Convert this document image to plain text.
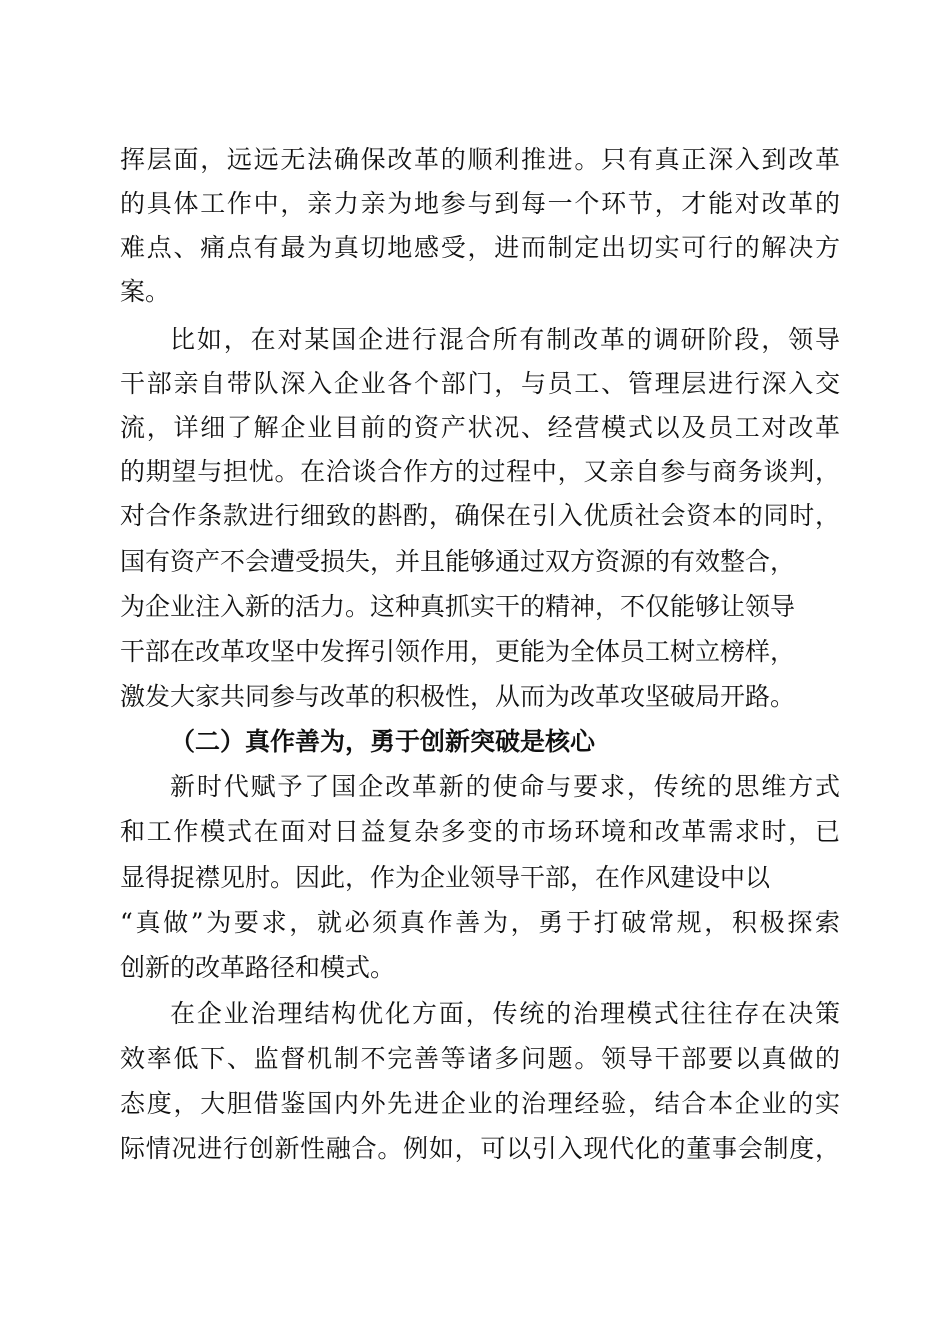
挥层面，远远无法确保改革的顺利推进。只有真正深入到改革
的具体工作中，亲力亲为地参与到每一个环节，才能对改革的
难点、痛点有最为真切地感受，进而制定出切实可行的解决方
案。
比如，在对某国企进行混合所有制改革的调研阶段，领导
干部亲自带队深入企业各个部门，与员工、管理层进行深入交
流，详细了解企业目前的资产状况、经营模式以及员工对改革
的期望与担忧。在洽谈合作方的过程中，又亲自参与商务谈判，
对合作条款进行细致的斟酌，确保在引入优质社会资本的同时，
国有资产不会遭受损失，并且能够通过双方资源的有效整合，
为企业注入新的活力。这种真抓实干的精神，不仅能够让领导
干部在改革攻坚中发挥引领作用，更能为全体员工树立榜样，
激发大家共同参与改革的积极性，从而为改革攻坚破局开路。
（二）真作善为，勇于创新突破是核心
新时代赋予了国企改革新的使命与要求，传统的思维方式
和工作模式在面对日益复杂多变的市场环境和改革需求时，已
显得捉襟见肘。因此，作为企业领导干部，在作风建设中以
“真做”为要求，就必须真作善为，勇于打破常规，积极探索
创新的改革路径和模式。
在企业治理结构优化方面，传统的治理模式往往存在决策
效率低下、监督机制不完善等诸多问题。领导干部要以真做的
态度，大胆借鉴国内外先进企业的治理经验，结合本企业的实
际情况进行创新性融合。例如，可以引入现代化的董事会制度，
